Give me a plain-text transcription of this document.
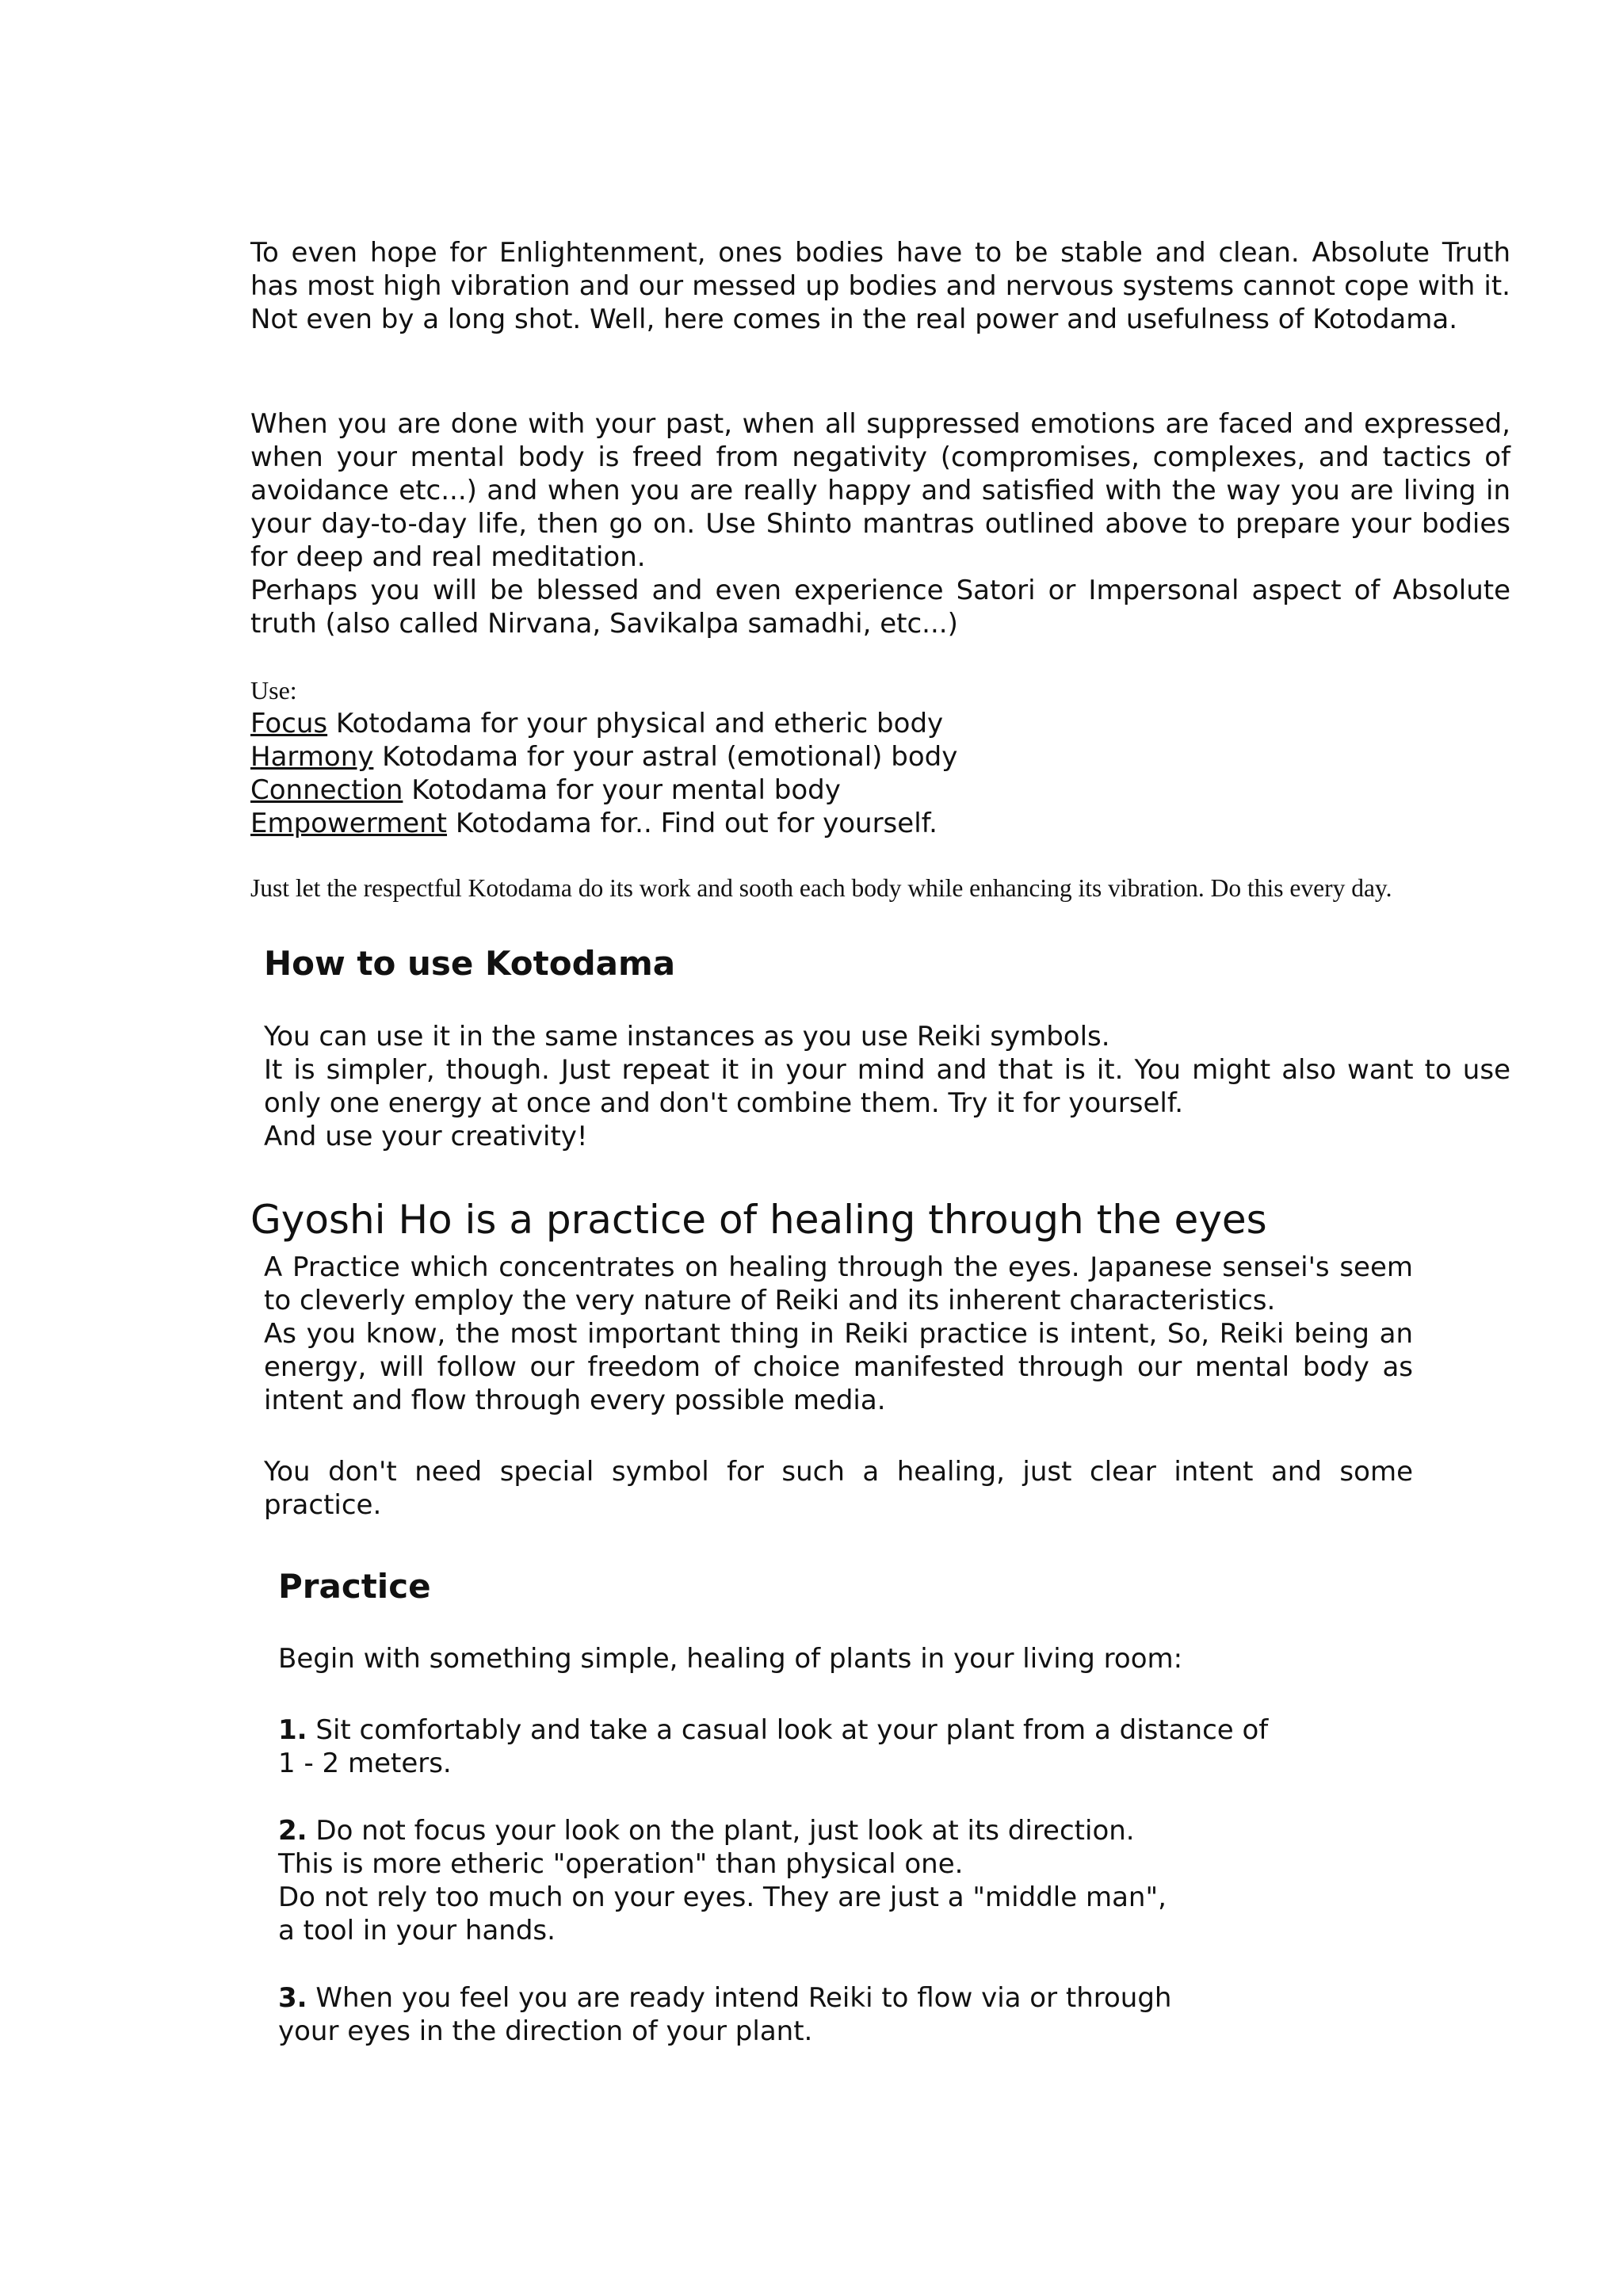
To even hope for Enlightenment, ones bodies have to be stable and clean. Absolute Truth has most high vibration and our messed up bodies and nervous systems cannot cope with it. Not even by a long shot. Well, here comes in the real power and usefulness of Kotodama.

When you are done with your past, when all suppressed emotions are faced and expressed, when your mental body is freed from negativity (compromises, complexes, and tactics of avoidance etc...) and when you are really happy and satisfied with the way you are living in your day-to-day life, then go on. Use Shinto mantras outlined above to prepare your bodies for deep and real meditation.

Perhaps you will be blessed and even experience Satori or Impersonal aspect of Absolute truth (also called Nirvana, Savikalpa samadhi, etc...)

Use:
Focus Kotodama for your physical and etheric body
Harmony Kotodama for your astral (emotional) body
Connection Kotodama for your mental body
Empowerment Kotodama for.. Find out for yourself.

Just let the respectful Kotodama do its work and sooth each body while enhancing its vibration. Do this every day.

How to use Kotodama

You can use it in the same instances as you use Reiki symbols.

It is simpler, though. Just repeat it in your mind and that is it. You might also want to use only one energy at once and don't combine them. Try it for yourself.

And use your creativity!

Gyoshi Ho is a practice of healing through the eyes

A Practice which concentrates on healing through the eyes. Japanese sensei's seem to cleverly employ the very nature of Reiki and its inherent characteristics.

As you know, the most important thing in Reiki practice is intent, So, Reiki being an energy, will follow our freedom of choice manifested through our mental body as intent and flow through every possible media.

You don't need special symbol for such a healing, just clear intent and some practice.

Practice

Begin with something simple, healing of plants in your living room:

1. Sit comfortably and take a casual look at your plant from a distance of
1 - 2 meters.
2. Do not focus your look on the plant, just look at its direction.
This is more etheric "operation" than physical one.
Do not rely too much on your eyes. They are just a "middle man",
a tool in your hands.
3. When you feel you are ready intend Reiki to flow via or through
your eyes in the direction of your plant.
